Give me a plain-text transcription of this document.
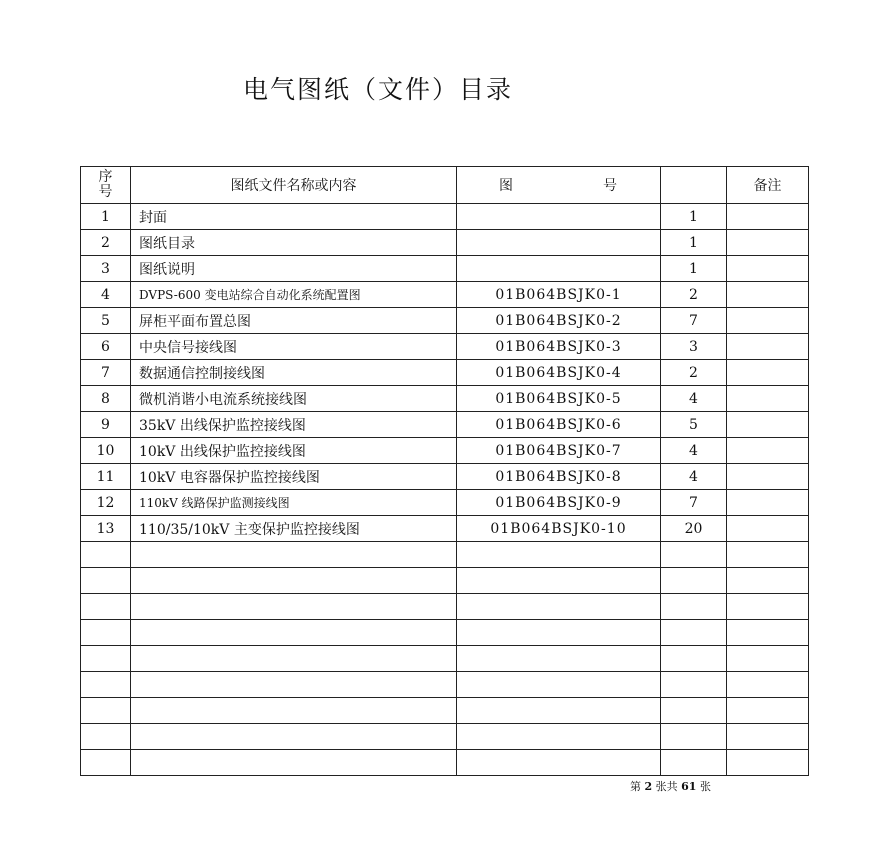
电气图纸（文件）目录
序
号	图纸文件名称或内容	图 号		备注
1	封面		1	
2	图纸目录		1	
3	图纸说明		1	
4	DVPS-600 变电站综合自动化系统配置图	01B064BSJK0-1	2	
5	屏柜平面布置总图	01B064BSJK0-2	7	
6	中央信号接线图	01B064BSJK0-3	3	
7	数据通信控制接线图	01B064BSJK0-4	2	
8	微机消谐小电流系统接线图	01B064BSJK0-5	4	
9	35kV 出线保护监控接线图	01B064BSJK0-6	5	
10	10kV 出线保护监控接线图	01B064BSJK0-7	4	
11	10kV 电容器保护监控接线图	01B064BSJK0-8	4	
12	110kV 线路保护监测接线图	01B064BSJK0-9	7	
13	110/35/10kV 主变保护监控接线图	01B064BSJK0-10	20	

第 2 张共 61 张
